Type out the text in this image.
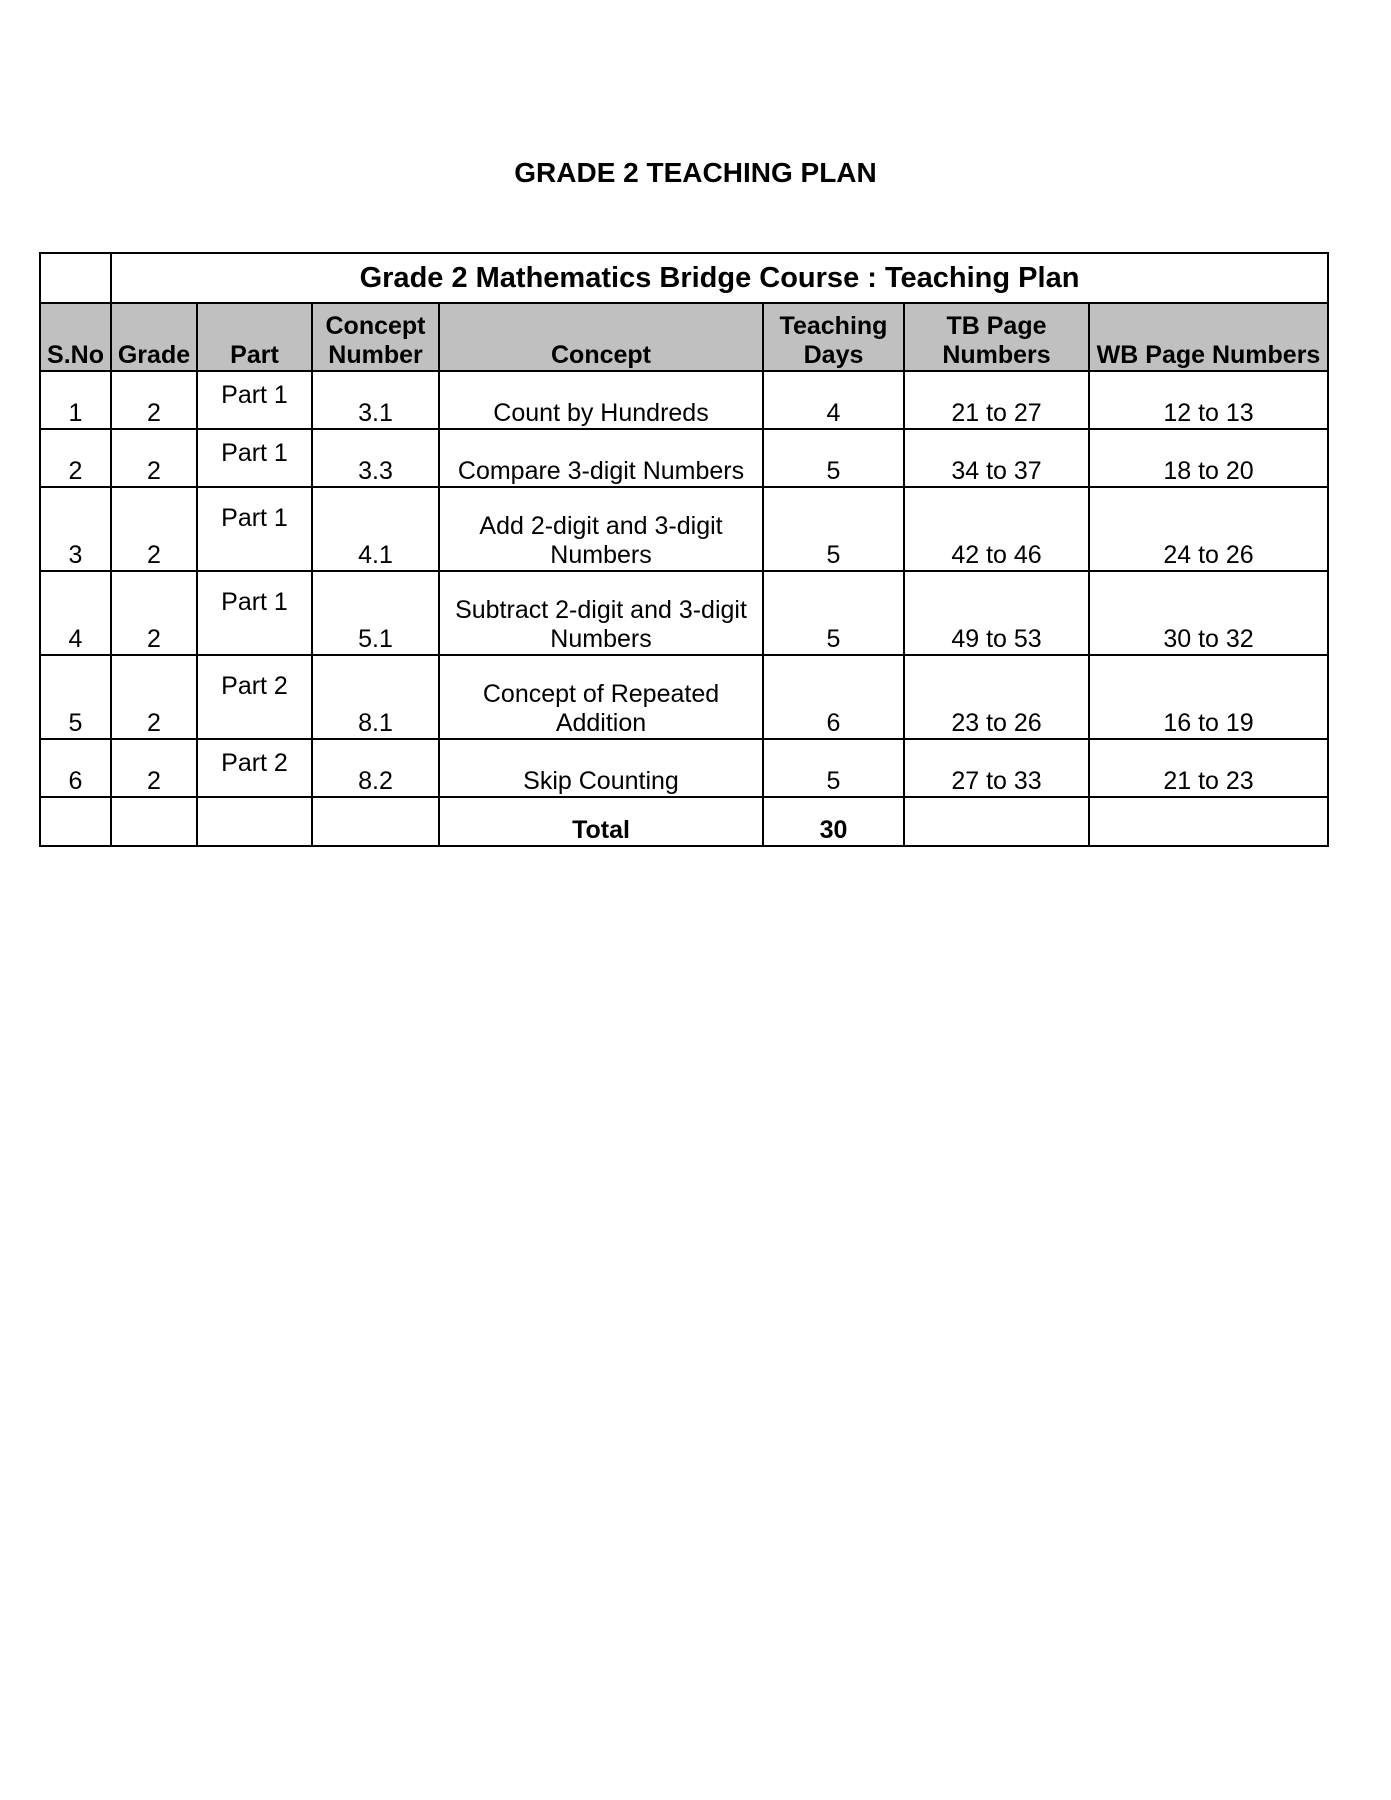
GRADE 2 TEACHING PLAN
	Grade 2 Mathematics Bridge Course : Teaching Plan						
S.No	Grade	Part	Concept Number	Concept	Teaching Days	TB Page Numbers	WB Page Numbers
1	2	Part 1	3.1	Count by Hundreds	4	21 to 27	12 to 13
2	2	Part 1	3.3	Compare 3-digit Numbers	5	34 to 37	18 to 20
3	2	Part 1	4.1	Add 2-digit and 3-digit Numbers	5	42 to 46	24 to 26
4	2	Part 1	5.1	Subtract 2-digit and 3-digit Numbers	5	49 to 53	30 to 32
5	2	Part 2	8.1	Concept of Repeated Addition	6	23 to 26	16 to 19
6	2	Part 2	8.2	Skip Counting	5	27 to 33	21 to 23
				Total	30		
